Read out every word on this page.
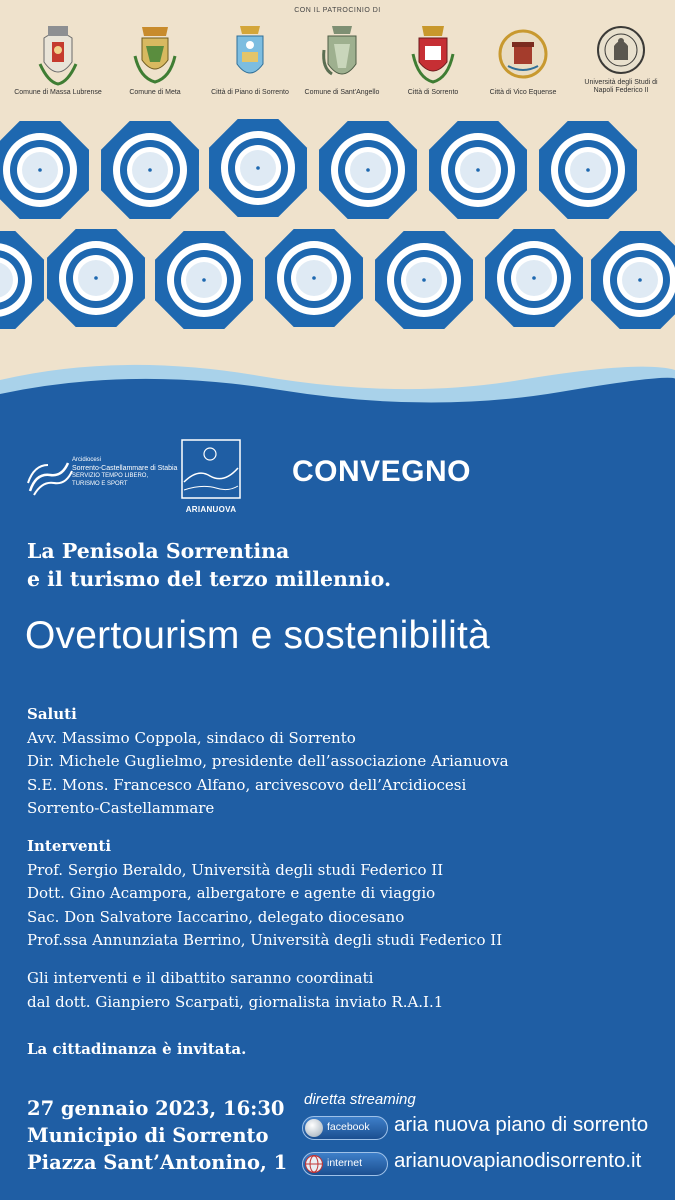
CON IL PATROCINIO DI
Comune di Massa Lubrense	Comune di Meta	Città di Piano di Sorrento	Comune di Sant'Angello	Città di Sorrento	Città di Vico Equense
Università degli Studi di Napoli Federico II
Arcidiocesi
Sorrento-Castellammare di Stabia
SERVIZIO TEMPO LIBERO,
TURISMO E SPORT
ARIANUOVA
CONVEGNO
La Penisola Sorrentina
e il turismo del terzo millennio.
Overtourism e sostenibilità
Saluti
Avv. Massimo Coppola, sindaco di Sorrento
Dir. Michele Guglielmo, presidente dell’associazione Arianuova
S.E. Mons. Francesco Alfano, arcivescovo dell’Arcidiocesi
Sorrento-Castellammare
Interventi
Prof. Sergio Beraldo, Università degli studi Federico II
Dott. Gino Acampora, albergatore e agente di viaggio
Sac. Don Salvatore Iaccarino, delegato diocesano
Prof.ssa Annunziata Berrino, Università degli studi Federico II
Gli interventi e il dibattito saranno coordinati
dal dott. Gianpiero Scarpati, giornalista inviato R.A.I.1
La cittadinanza è invitata.
27 gennaio 2023, 16:30
Municipio di Sorrento
Piazza Sant’Antonino, 1
diretta streaming
facebook aria nuova piano di sorrento
internet arianuovapianodisorrento.it
